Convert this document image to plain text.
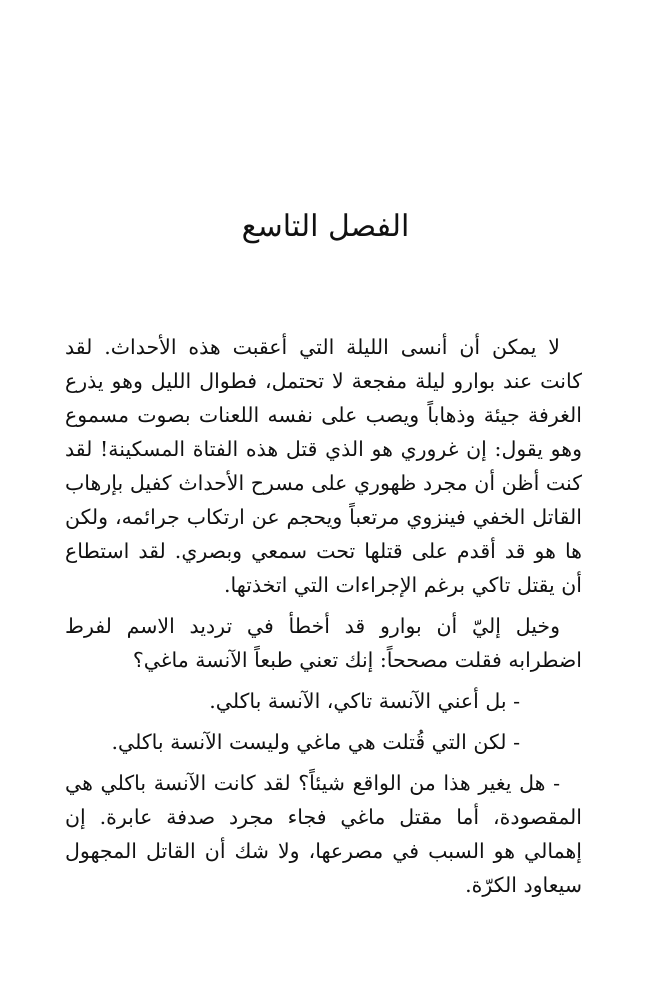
الفصل التاسع

لا يمكن أن أنسى الليلة التي أعقبت هذه الأحداث. لقد كانت عند بوارو ليلة مفجعة لا تحتمل، فطوال الليل وهو يذرع الغرفة جيئة وذهاباً ويصب على نفسه اللعنات بصوت مسموع وهو يقول: إن غروري هو الذي قتل هذه الفتاة المسكينة! لقد كنت أظن أن مجرد ظهوري على مسرح الأحداث كفيل بإرهاب القاتل الخفي فينزوي مرتعباً ويحجم عن ارتكاب جرائمه، ولكن ها هو قد أقدم على قتلها تحت سمعي وبصري. لقد استطاع أن يقتل تاكي برغم الإجراءات التي اتخذتها.

وخيل إليّ أن بوارو قد أخطأ في ترديد الاسم لفرط اضطرابه فقلت مصححاً: إنك تعني طبعاً الآنسة ماغي؟

- بل أعني الآنسة تاكي، الآنسة باكلي.

- لكن التي قُتلت هي ماغي وليست الآنسة باكلي.

- هل يغير هذا من الواقع شيئاً؟ لقد كانت الآنسة باكلي هي المقصودة، أما مقتل ماغي فجاء مجرد صدفة عابرة. إن إهمالي هو السبب في مصرعها، ولا شك أن القاتل المجهول سيعاود الكرّة.
